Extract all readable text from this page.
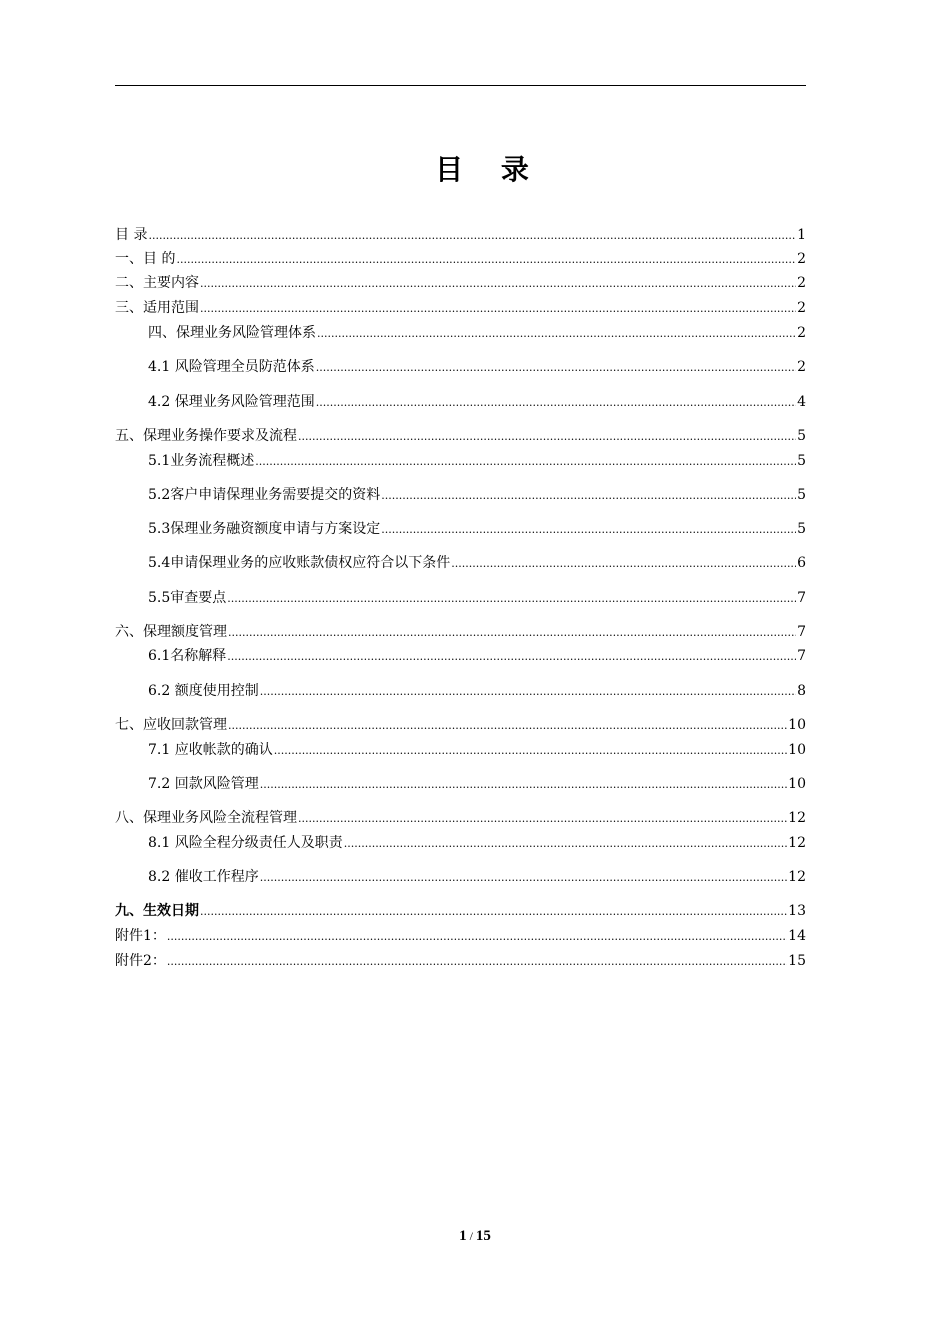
目 录
目 录 .....	1
一、目 的 .....	2
二、主要内容 .....	2
三、适用范围 .....	2
四、保理业务风险管理体系 .....	2
4.1 风险管理全员防范体系 .....	2
4.2 保理业务风险管理范围 .....	4
五、保理业务操作要求及流程 .....	5
5.1业务流程概述 .....	5
5.2客户申请保理业务需要提交的资料 .....	5
5.3保理业务融资额度申请与方案设定 .....	5
5.4申请保理业务的应收账款债权应符合以下条件 .....	6
5.5审查要点 .....	7
六、保理额度管理 .....	7
6.1名称解释 .....	7
6.2 额度使用控制 .....	8
七、应收回款管理 .....	10
7.1 应收帐款的确认 .....	10
7.2 回款风险管理 .....	10
八、保理业务风险全流程管理 .....	12
8.1 风险全程分级责任人及职责 .....	12
8.2 催收工作程序 .....	12
九、生效日期 .....	13
附件1： .....	14
附件2： .....	15
1 / 15
